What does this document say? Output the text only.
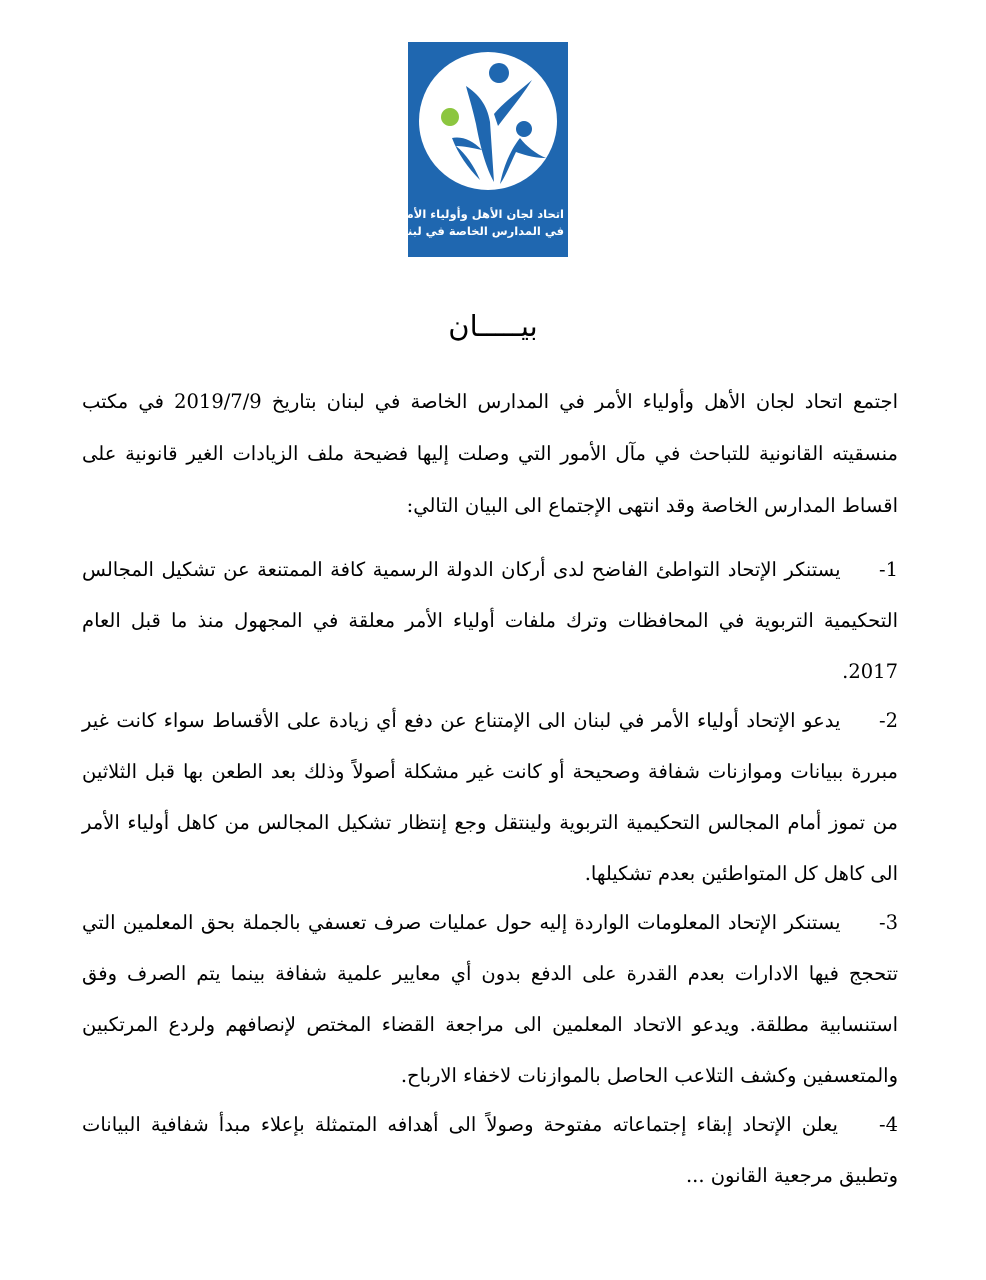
اتحاد لجان الأهل وأولياء الأمور
في المدارس الخاصة في لبنان
بيـــــان

اجتمع اتحاد لجان الأهل وأولياء الأمر في المدارس الخاصة في لبنان بتاريخ 2019/7/9 في مكتب منسقيته القانونية للتباحث في مآل الأمور التي وصلت إليها فضيحة ملف الزيادات الغير قانونية على اقساط المدارس الخاصة وقد انتهى الإجتماع الى البيان التالي:

1- يستنكر الإتحاد التواطئ الفاضح لدى أركان الدولة الرسمية كافة الممتنعة عن تشكيل المجالس التحكيمية التربوية في المحافظات وترك ملفات أولياء الأمر معلقة في المجهول منذ ما قبل العام 2017.

2- يدعو الإتحاد أولياء الأمر في لبنان الى الإمتناع عن دفع أي زيادة على الأقساط سواء كانت غير مبررة ببيانات وموازنات شفافة وصحيحة أو كانت غير مشكلة أصولاً وذلك بعد الطعن بها قبل الثلاثين من تموز أمام المجالس التحكيمية التربوية ولينتقل وجع إنتظار تشكيل المجالس من كاهل أولياء الأمر الى كاهل كل المتواطئين بعدم تشكيلها.

3- يستنكر الإتحاد المعلومات الواردة إليه حول عمليات صرف تعسفي بالجملة بحق المعلمين التي تتحجج فيها الادارات بعدم القدرة على الدفع بدون أي معايير علمية شفافة بينما يتم الصرف وفق استنسابية مطلقة. ويدعو الاتحاد المعلمين الى مراجعة القضاء المختص لإنصافهم ولردع المرتكبين والمتعسفين وكشف التلاعب الحاصل بالموازنات لاخفاء الارباح.

4- يعلن الإتحاد إبقاء إجتماعاته مفتوحة وصولاً الى أهدافه المتمثلة بإعلاء مبدأ شفافية البيانات وتطبيق مرجعية القانون ...
